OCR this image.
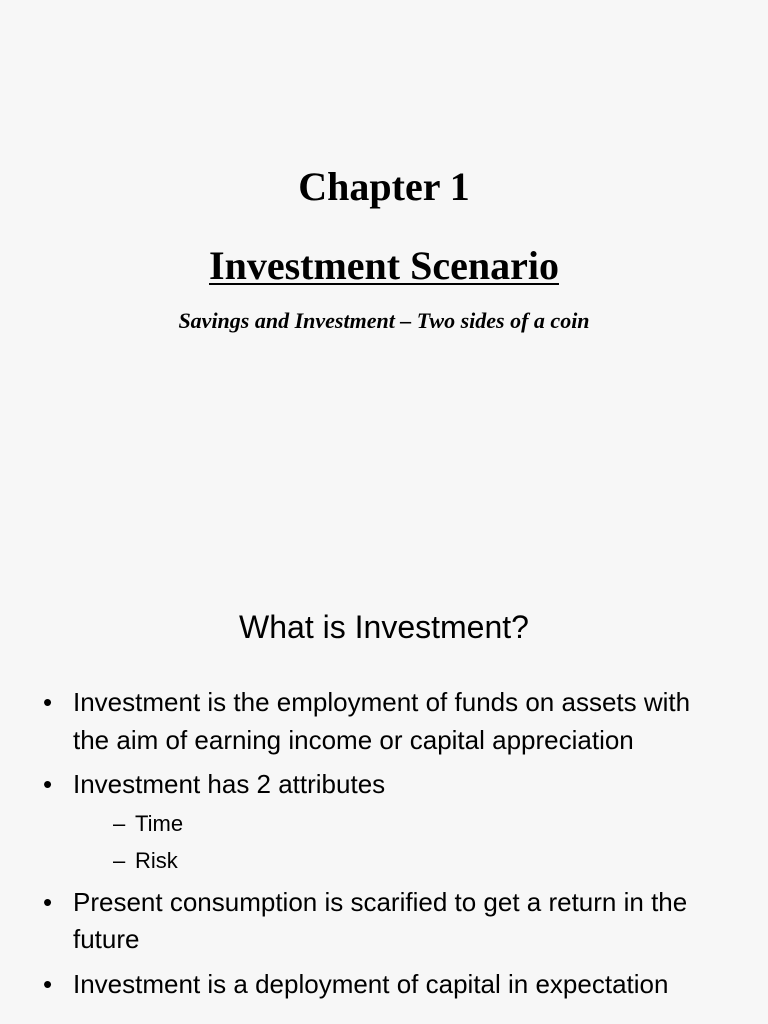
Chapter 1
Investment Scenario
Savings and Investment – Two sides of a coin
What is Investment?
• Investment is the employment of funds on assets with the aim of earning income or capital appreciation
• Investment has 2 attributes
– Time
– Risk
• Present consumption is scarified to get a return in the future
• Investment is a deployment of capital in expectation
